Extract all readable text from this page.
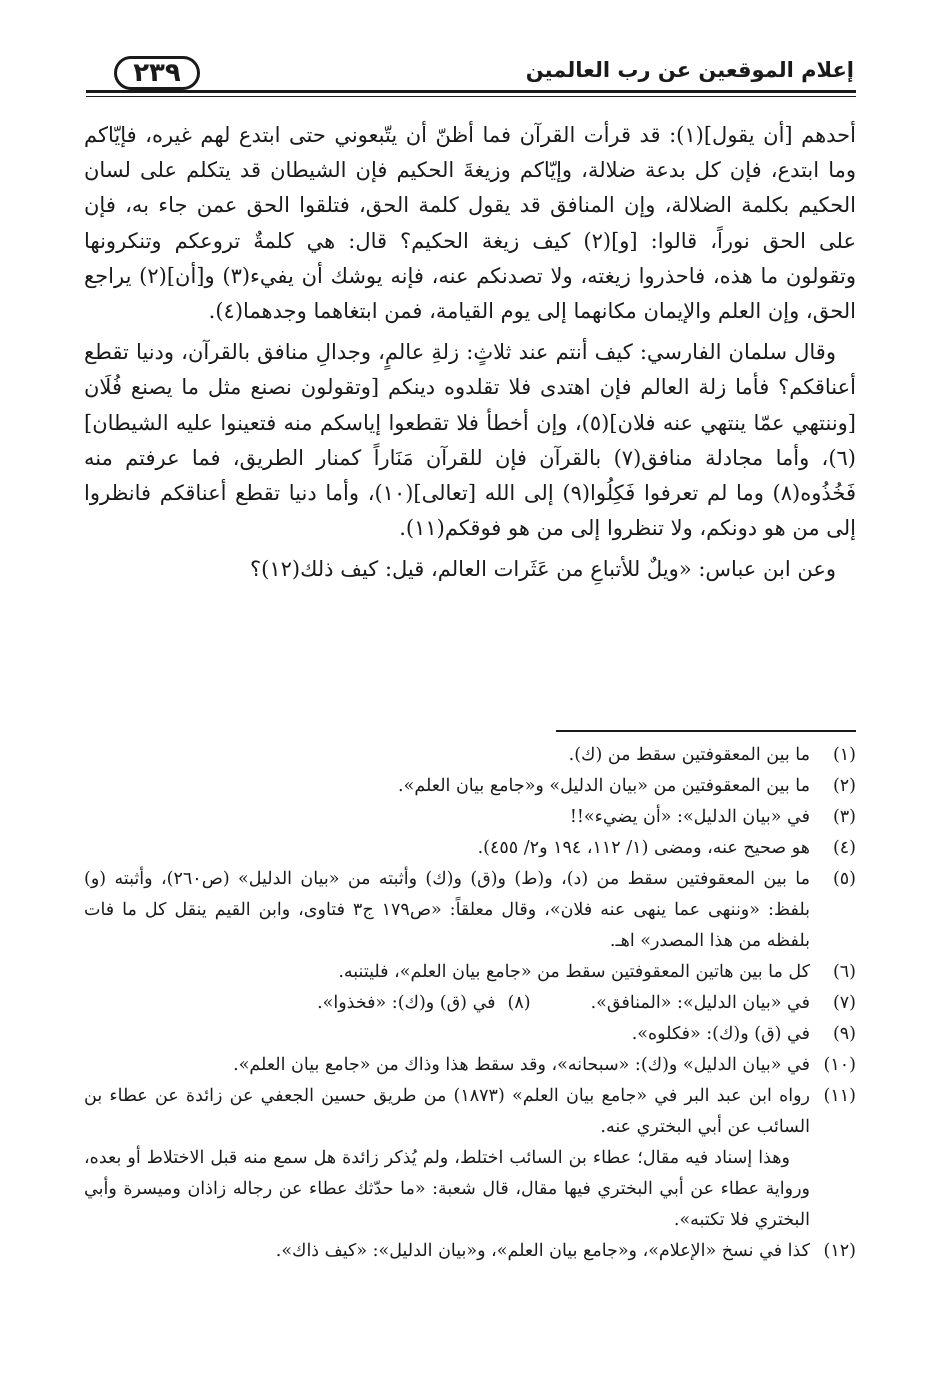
إعلام الموقعين عن رب العالمين
٢٣٩

أحدهم [أن يقول](١): قد قرأت القرآن فما أظنّ أن يتّبعوني حتى ابتدع لهم غيره، فإيّاكم وما ابتدع، فإن كل بدعة ضلالة، وإيّاكم وزيغةَ الحكيم فإن الشيطان قد يتكلم على لسان الحكيم بكلمة الضلالة، وإن المنافق قد يقول كلمة الحق، فتلقوا الحق عمن جاء به، فإن على الحق نوراً، قالوا: [و](٢) كيف زيغة الحكيم؟ قال: هي كلمةٌ تروعكم وتنكرونها وتقولون ما هذه، فاحذروا زيغته، ولا تصدنكم عنه، فإنه يوشك أن يفيء(٣) و[أن](٢) يراجع الحق، وإن العلم والإيمان مكانهما إلى يوم القيامة، فمن ابتغاهما وجدهما(٤).

وقال سلمان الفارسي: كيف أنتم عند ثلاثٍ: زلةِ عالمٍ، وجدالِ منافق بالقرآن، ودنيا تقطع أعناقكم؟ فأما زلة العالم فإن اهتدى فلا تقلدوه دينكم [وتقولون نصنع مثل ما يصنع فُلَان [وننتهي عمّا ينتهي عنه فلان](٥)، وإن أخطأ فلا تقطعوا إياسكم منه فتعينوا عليه الشيطان](٦)، وأما مجادلة منافق(٧) بالقرآن فإن للقرآن مَنَاراً كمنار الطريق، فما عرفتم منه فَخُذُوه(٨) وما لم تعرفوا فَكِلُوا(٩) إلى الله [تعالى](١٠)، وأما دنيا تقطع أعناقكم فانظروا إلى من هو دونكم، ولا تنظروا إلى من هو فوقكم(١١).

وعن ابن عباس: «ويلٌ للأتباعِ من عَثَرات العالم، قيل: كيف ذلك(١٢)؟

(١)
ما بين المعقوفتين سقط من (ك).
(٢)
ما بين المعقوفتين من «بيان الدليل» و«جامع بيان العلم».
(٣)
في «بيان الدليل»: «أن يضيء»!!
(٤)
هو صحيح عنه، ومضى (١/ ١١٢، ١٩٤ و٢/ ٤٥٥).
(٥)
ما بين المعقوفتين سقط من (د)، و(ط) و(ق) و(ك) وأثبته من «بيان الدليل» (ص٢٦٠)، وأثبته (و) بلفظ: «وننهى عما ينهى عنه فلان»، وقال معلقاً: «ص١٧٩ ج٣ فتاوى، وابن القيم ينقل كل ما فات بلفظه من هذا المصدر» اهـ.
(٦)
كل ما بين هاتين المعقوفتين سقط من «جامع بيان العلم»، فليتنبه.
(٧)
في «بيان الدليل»: «المنافق».
(٨)
في (ق) و(ك): «فخذوا».
(٩)
في (ق) و(ك): «فكلوه».
(١٠)
في «بيان الدليل» و(ك): «سبحانه»، وقد سقط هذا وذاك من «جامع بيان العلم».
(١١)
رواه ابن عبد البر في «جامع بيان العلم» (١٨٧٣) من طريق حسين الجعفي عن زائدة عن عطاء بن السائب عن أبي البختري عنه.
وهذا إسناد فيه مقال؛ عطاء بن السائب اختلط، ولم يُذكر زائدة هل سمع منه قبل الاختلاط أو بعده، ورواية عطاء عن أبي البختري فيها مقال، قال شعبة: «ما حدّثك عطاء عن رجاله زاذان وميسرة وأبي البختري فلا تكتبه».
(١٢)
كذا في نسخ «الإعلام»، و«جامع بيان العلم»، و«بيان الدليل»: «كيف ذاك».
